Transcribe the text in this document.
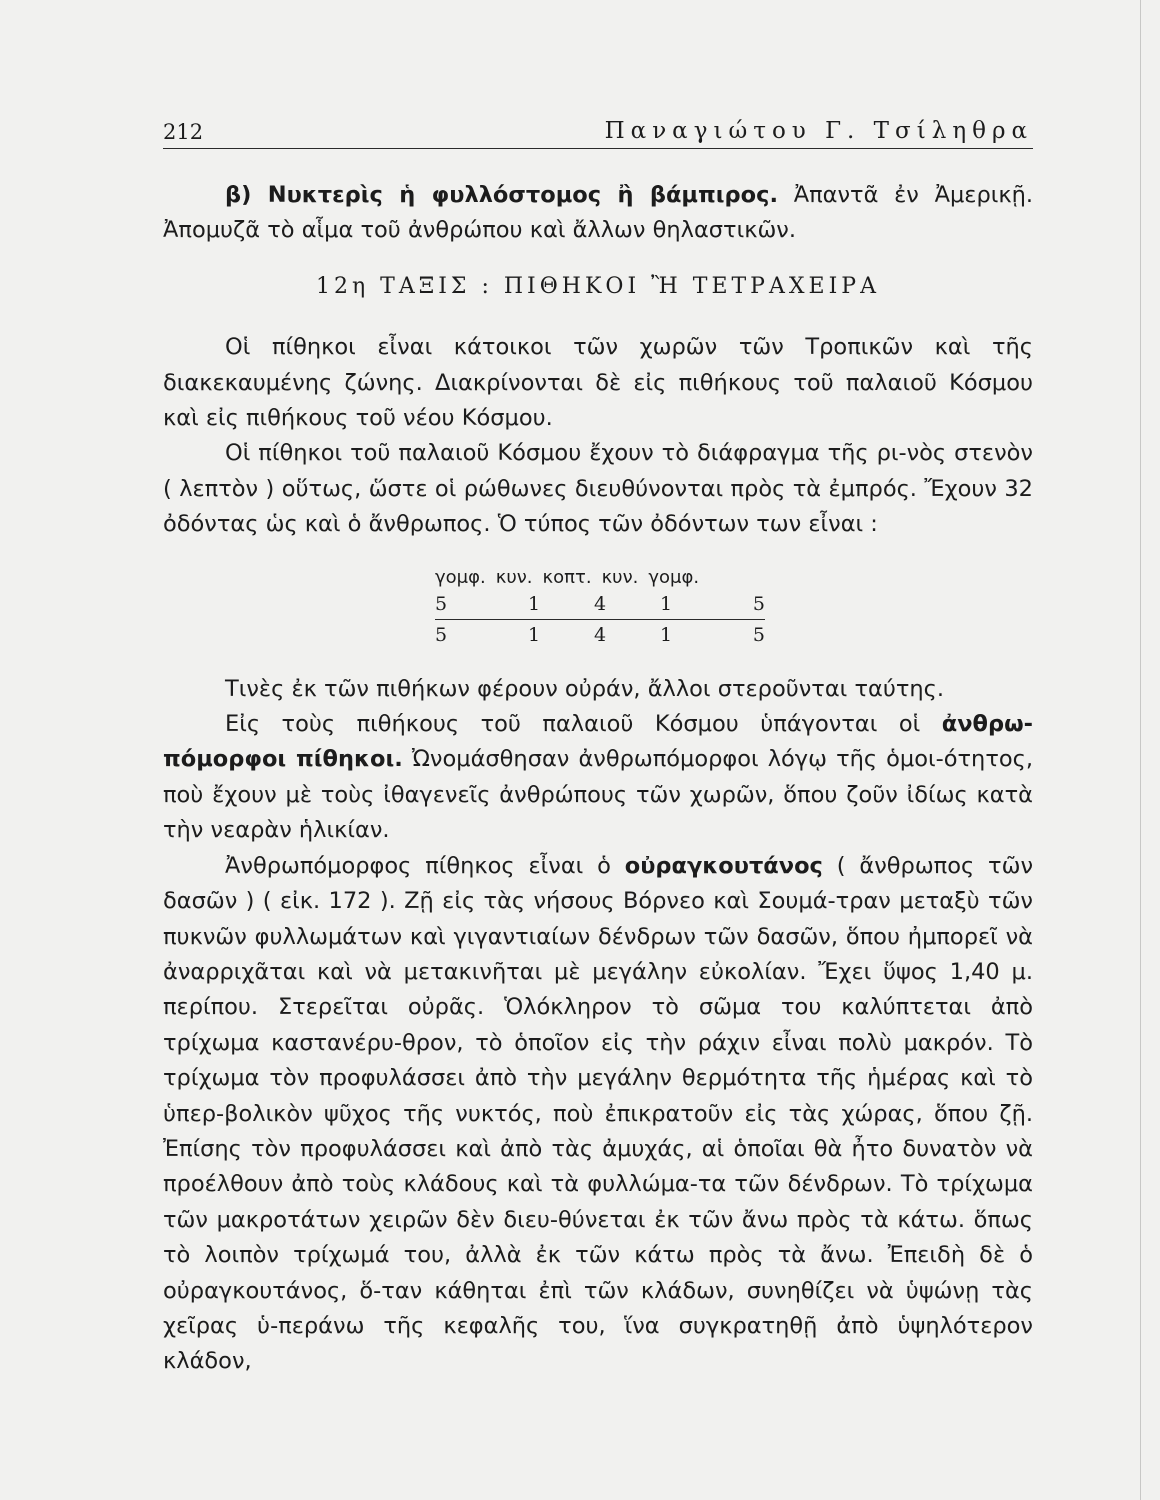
212	Παναγιώτου Γ. Τσίληθρα

β) Νυκτερὶς ἡ φυλλόστομος ἢ βάμπιρος. Ἀπαντᾶ ἐν Ἀμερικῇ. Ἀπομυζᾶ τὸ αἷμα τοῦ ἀνθρώπου καὶ ἄλλων θηλαστικῶν.

12η ΤΑΞΙΣ : ΠΙΘΗΚΟΙ Ἢ ΤΕΤΡΑΧΕΙΡΑ

Οἱ πίθηκοι εἶναι κάτοικοι τῶν χωρῶν τῶν Τροπικῶν καὶ τῆς διακεκαυμένης ζώνης. Διακρίνονται δὲ εἰς πιθήκους τοῦ παλαιοῦ Κόσμου καὶ εἰς πιθήκους τοῦ νέου Κόσμου.

Οἱ πίθηκοι τοῦ παλαιοῦ Κόσμου ἔχουν τὸ διάφραγμα τῆς ρι-νὸς στενὸν ( λεπτὸν ) οὕτως, ὥστε οἱ ρώθωνες διευθύνονται πρὸς τὰ ἐμπρός. Ἔχουν 32 ὀδόντας ὡς καὶ ὁ ἄνθρωπος. Ὁ τύπος τῶν ὀδόντων των εἶναι :

γομφ. κυν. κοπτ. κυν. γομφ.
5	1	4	1	5
5	1	4	1	5

Τινὲς ἐκ τῶν πιθήκων φέρουν οὐράν, ἄλλοι στεροῦνται ταύτης.

Εἰς τοὺς πιθήκους τοῦ παλαιοῦ Κόσμου ὑπάγονται οἱ ἀνθρω-πόμορφοι πίθηκοι. Ὠνομάσθησαν ἀνθρωπόμορφοι λόγῳ τῆς ὁμοι-ότητος, ποὺ ἔχουν μὲ τοὺς ἰθαγενεῖς ἀνθρώπους τῶν χωρῶν, ὅπου ζοῦν ἰδίως κατὰ τὴν νεαρὰν ἡλικίαν.

Ἀνθρωπόμορφος πίθηκος εἶναι ὁ οὐραγκουτάνος ( ἄνθρωπος τῶν δασῶν ) ( εἰκ. 172 ). Ζῇ εἰς τὰς νήσους Βόρνεο καὶ Σουμά-τραν μεταξὺ τῶν πυκνῶν φυλλωμάτων καὶ γιγαντιαίων δένδρων τῶν δασῶν, ὅπου ἠμπορεῖ νὰ ἀναρριχᾶται καὶ νὰ μετακινῆται μὲ μεγάλην εὐκολίαν. Ἔχει ὕψος 1,40 μ. περίπου. Στερεῖται οὐρᾶς. Ὁλόκληρον τὸ σῶμα του καλύπτεται ἀπὸ τρίχωμα καστανέρυ-θρον, τὸ ὁποῖον εἰς τὴν ράχιν εἶναι πολὺ μακρόν. Τὸ τρίχωμα τὸν προφυλάσσει ἀπὸ τὴν μεγάλην θερμότητα τῆς ἡμέρας καὶ τὸ ὑπερ-βολικὸν ψῦχος τῆς νυκτός, ποὺ ἐπικρατοῦν εἰς τὰς χώρας, ὅπου ζῇ. Ἐπίσης τὸν προφυλάσσει καὶ ἀπὸ τὰς ἀμυχάς, αἱ ὁποῖαι θὰ ἦτο δυνατὸν νὰ προέλθουν ἀπὸ τοὺς κλάδους καὶ τὰ φυλλώμα-τα τῶν δένδρων. Τὸ τρίχωμα τῶν μακροτάτων χειρῶν δὲν διευ-θύνεται ἐκ τῶν ἄνω πρὸς τὰ κάτω. ὅπως τὸ λοιπὸν τρίχωμά του, ἀλλὰ ἐκ τῶν κάτω πρὸς τὰ ἄνω. Ἐπειδὴ δὲ ὁ οὐραγκουτάνος, ὅ-ταν κάθηται ἐπὶ τῶν κλάδων, συνηθίζει νὰ ὑψώνῃ τὰς χεῖρας ὑ-περάνω τῆς κεφαλῆς του, ἵνα συγκρατηθῇ ἀπὸ ὑψηλότερον κλάδον,
